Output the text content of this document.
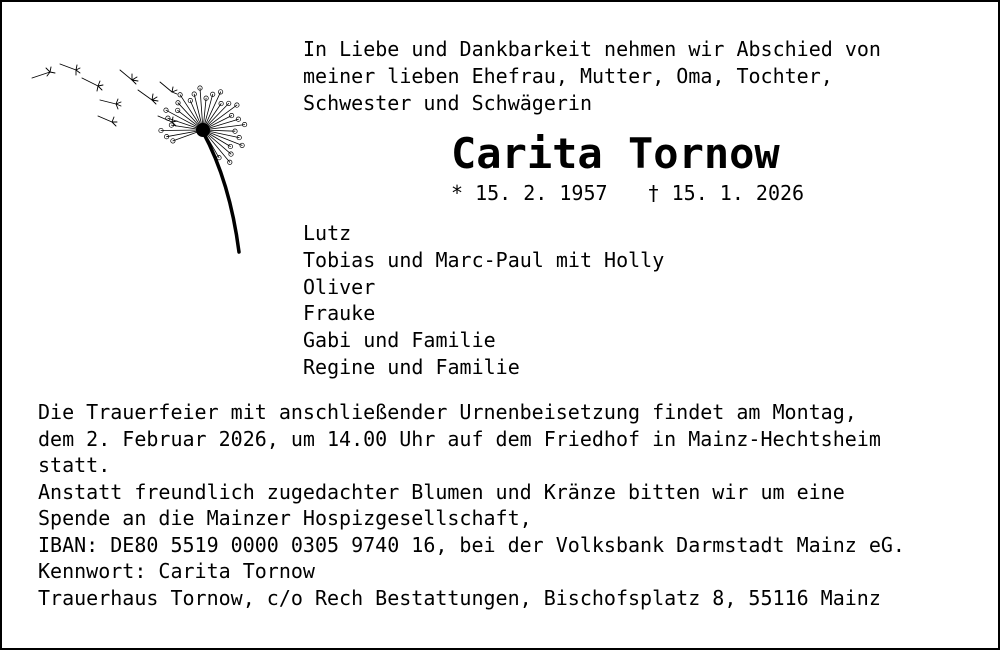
In Liebe und Dankbarkeit nehmen wir Abschied von
meiner lieben Ehefrau, Mutter, Oma, Tochter,
Schwester und Schwägerin
Carita Tornow
* 15. 2. 1957 † 15. 1. 2026
Lutz
Tobias und Marc-Paul mit Holly
Oliver
Frauke
Gabi und Familie
Regine und Familie
Die Trauerfeier mit anschließender Urnenbeisetzung findet am Montag,
dem 2. Februar 2026, um 14.00 Uhr auf dem Friedhof in Mainz-Hechtsheim
statt.
Anstatt freundlich zugedachter Blumen und Kränze bitten wir um eine
Spende an die Mainzer Hospizgesellschaft,
IBAN: DE80 5519 0000 0305 9740 16, bei der Volksbank Darmstadt Mainz eG.
Kennwort: Carita Tornow
Trauerhaus Tornow, c/o Rech Bestattungen, Bischofsplatz 8, 55116 Mainz
